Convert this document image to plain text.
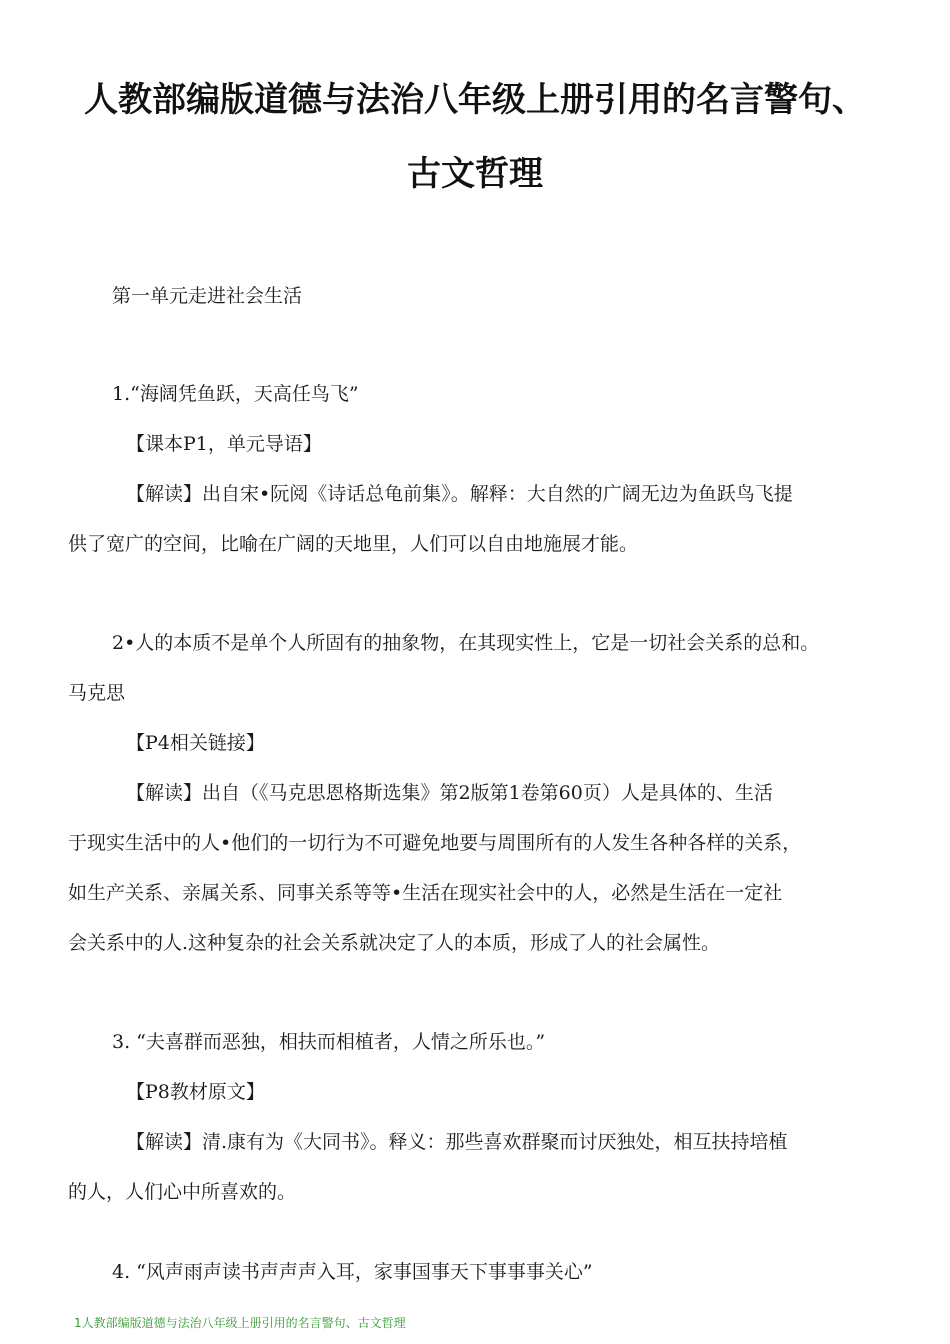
人教部编版道德与法治八年级上册引用的名言警句、
古文哲理

第一单元走进社会生活

1.“海阔凭鱼跃，天高任鸟飞”

【课本P1，单元导语】

【解读】出自宋•阮阅《诗话总龟前集》。解释：大自然的广阔无边为鱼跃鸟飞提

供了宽广的空间，比喻在广阔的天地里，人们可以自由地施展才能。

2•人的本质不是单个人所固有的抽象物，在其现实性上，它是一切社会关系的总和。

马克思

【P4相关链接】

【解读】出自（《马克思恩格斯选集》第2版第1卷第60页）人是具体的、生活

于现实生活中的人•他们的一切行为不可避免地要与周围所有的人发生各种各样的关系，

如生产关系、亲属关系、同事关系等等•生活在现实社会中的人，必然是生活在一定社

会关系中的人.这种复杂的社会关系就决定了人的本质，形成了人的社会属性。

3. “夫喜群而恶独，相扶而相植者，人情之所乐也。”

【P8教材原文】

【解读】清.康有为《大同书》。释义：那些喜欢群聚而讨厌独处，相互扶持培植

的人，人们心中所喜欢的。

4. “风声雨声读书声声声入耳，家事国事天下事事事关心”

1人教部编版道德与法治八年级上册引用的名言警句、古文哲理
